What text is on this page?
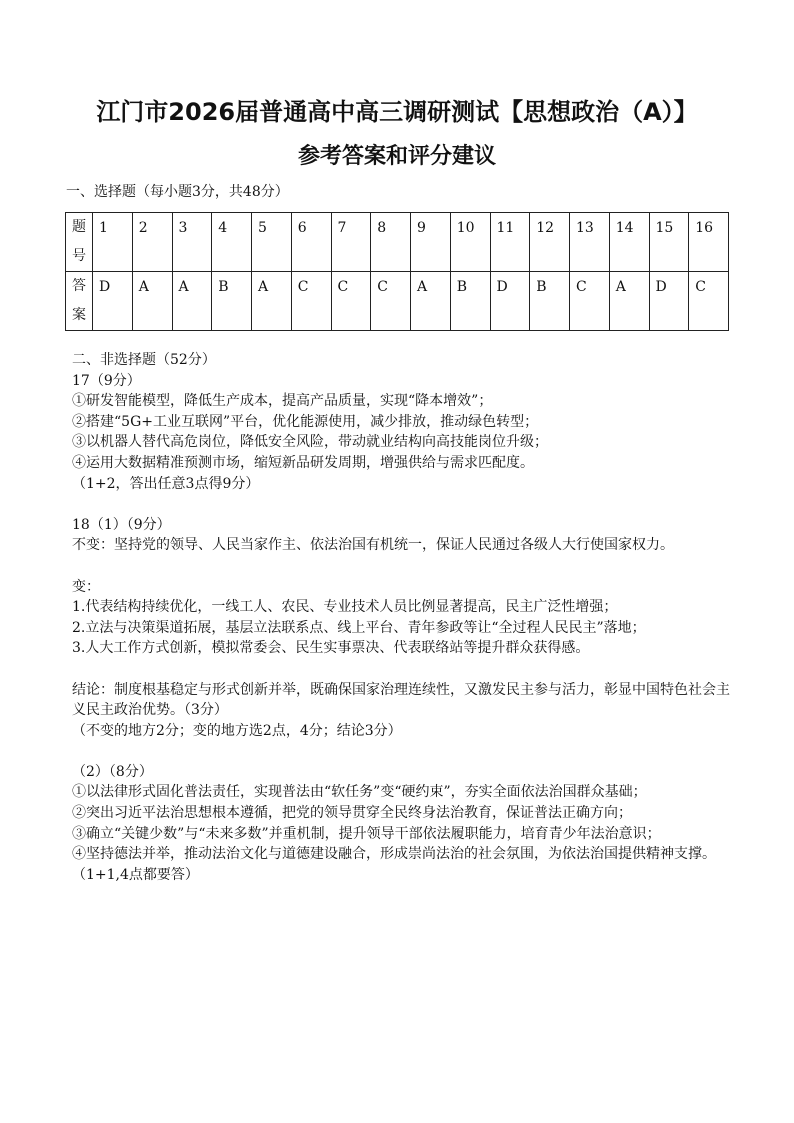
江门市2026届普通高中高三调研测试【思想政治（A）】
参考答案和评分建议
一、选择题（每小题3分，共48分）
题号	1	2	3	4	5	6	7	8	9	10	11	12	13	14	15	16
答案	D	A	A	B	A	C	C	C	A	B	D	B	C	A	D	C

二、非选择题（52分）

17（9分）

①研发智能模型，降低生产成本，提高产品质量，实现“降本增效”；

②搭建“5G+工业互联网”平台，优化能源使用，减少排放，推动绿色转型；

③以机器人替代高危岗位，降低安全风险，带动就业结构向高技能岗位升级；

④运用大数据精准预测市场，缩短新品研发周期，增强供给与需求匹配度。

（1+2，答出任意3点得9分）

18（1）（9分）

不变：坚持党的领导、人民当家作主、依法治国有机统一，保证人民通过各级人大行使国家权力。

变：

1.代表结构持续优化，一线工人、农民、专业技术人员比例显著提高，民主广泛性增强；

2.立法与决策渠道拓展，基层立法联系点、线上平台、青年参政等让“全过程人民民主”落地；

3.人大工作方式创新，模拟常委会、民生实事票决、代表联络站等提升群众获得感。

结论：制度根基稳定与形式创新并举，既确保国家治理连续性，又激发民主参与活力，彰显中国特色社会主义民主政治优势。（3分）

（不变的地方2分；变的地方选2点，4分；结论3分）

（2）（8分）

①以法律形式固化普法责任，实现普法由“软任务”变“硬约束”，夯实全面依法治国群众基础；

②突出习近平法治思想根本遵循，把党的领导贯穿全民终身法治教育，保证普法正确方向；

③确立“关键少数”与“未来多数”并重机制，提升领导干部依法履职能力，培育青少年法治意识；

④坚持德法并举，推动法治文化与道德建设融合，形成崇尚法治的社会氛围，为依法治国提供精神支撑。

（1+1,4点都要答）
